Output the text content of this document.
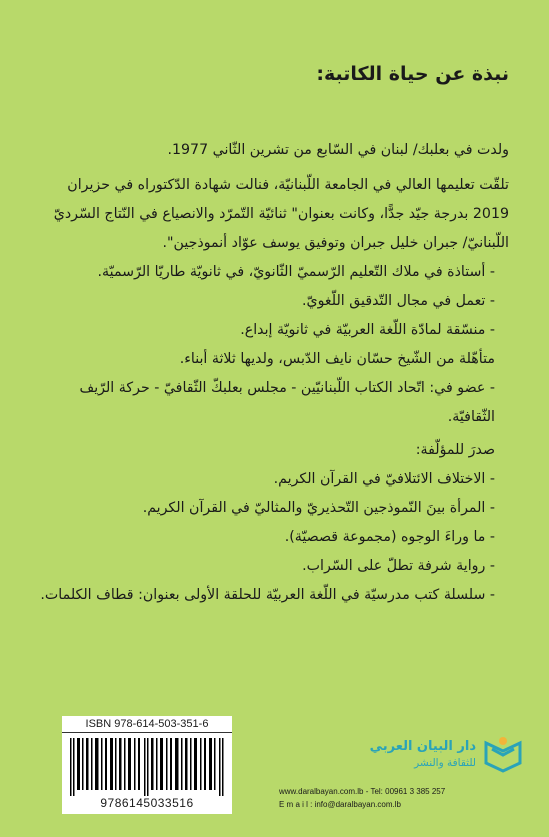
نبذة عن حياة الكاتبة:

ولدت في بعلبك/ لبنان في السّابع من تشرين الثّاني 1977.

تلقّت تعليمها العالي في الجامعة اللّبنانيّة، فنالت شهادة الدّكتوراه في حزيران 2019 بدرجة جيّد جدًّا، وكانت بعنوان" ثنائيّة التّمرّد والانصياع في النّتاج السّرديّ اللّبنانيّ/ جبران خليل جبران وتوفيق يوسف عوّاد أنموذجين".

- أستاذة في ملاك التّعليم الرّسميّ الثّانويّ، في ثانويّة طاريّا الرّسميّة.

- تعمل في مجال التّدقيق اللّغويّ.

- منسّقة لمادّة اللّغة العربيّة في ثانويّة إبداع.

متأهّلة من الشّيخ حسّان نايف الدّبس، ولديها ثلاثة أبناء.

- عضو في: اتّحاد الكتاب اللّبنانيّين - مجلس بعلبكّ الثّقافيّ - حركة الرّيف الثّقافيّة.

صدرَ للمؤلّفة:

- الاختلاف الائتلافيّ في القرآن الكريم.

- المرأة بينَ النّموذجين التّحذيريّ والمثاليّ في القرآن الكريم.

- ما وراءَ الوجوه (مجموعة قصصيّة).

- رواية شرفة تطلّ على السّراب.

- سلسلة كتب مدرسيّة في اللّغة العربيّة للحلقة الأولى بعنوان: قطاف الكلمات.

ISBN 978-614-503-351-6
9786145033516
دار البيان العربي
للثقافة والنشر
www.daralbayan.com.lb - Tel: 00961 3 385 257
E m a i l : info@daralbayan.com.lb
